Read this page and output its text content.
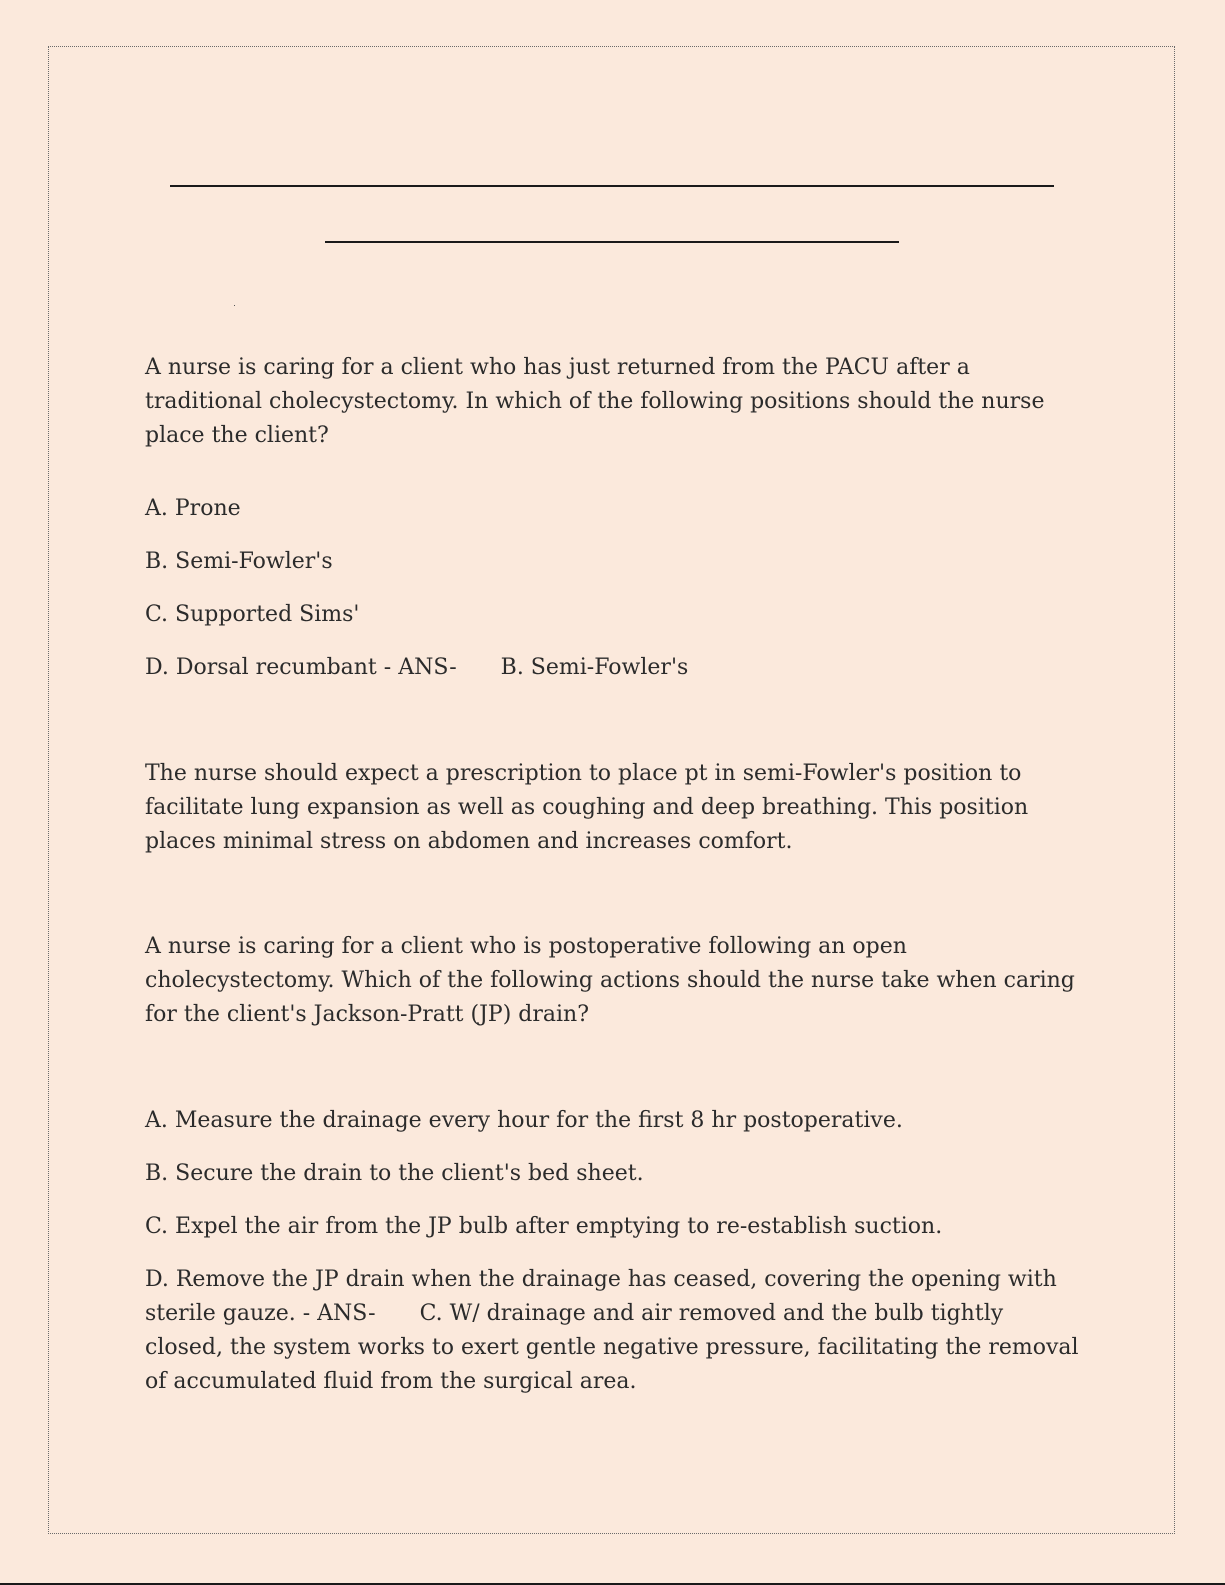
A nurse is caring for a client who has just returned from the PACU after a traditional cholecystectomy. In which of the following positions should the nurse place the client?

A. Prone

B. Semi-Fowler's

C. Supported Sims'

D. Dorsal recumbant - ANS- B. Semi-Fowler's

The nurse should expect a prescription to place pt in semi-Fowler's position to facilitate lung expansion as well as coughing and deep breathing. This position places minimal stress on abdomen and increases comfort.

A nurse is caring for a client who is postoperative following an open cholecystectomy. Which of the following actions should the nurse take when caring for the client's Jackson-Pratt (JP) drain?

A. Measure the drainage every hour for the first 8 hr postoperative.

B. Secure the drain to the client's bed sheet.

C. Expel the air from the JP bulb after emptying to re-establish suction.

D. Remove the JP drain when the drainage has ceased, covering the opening with sterile gauze. - ANS- C. W/ drainage and air removed and the bulb tightly closed, the system works to exert gentle negative pressure, facilitating the removal of accumulated fluid from the surgical area.
